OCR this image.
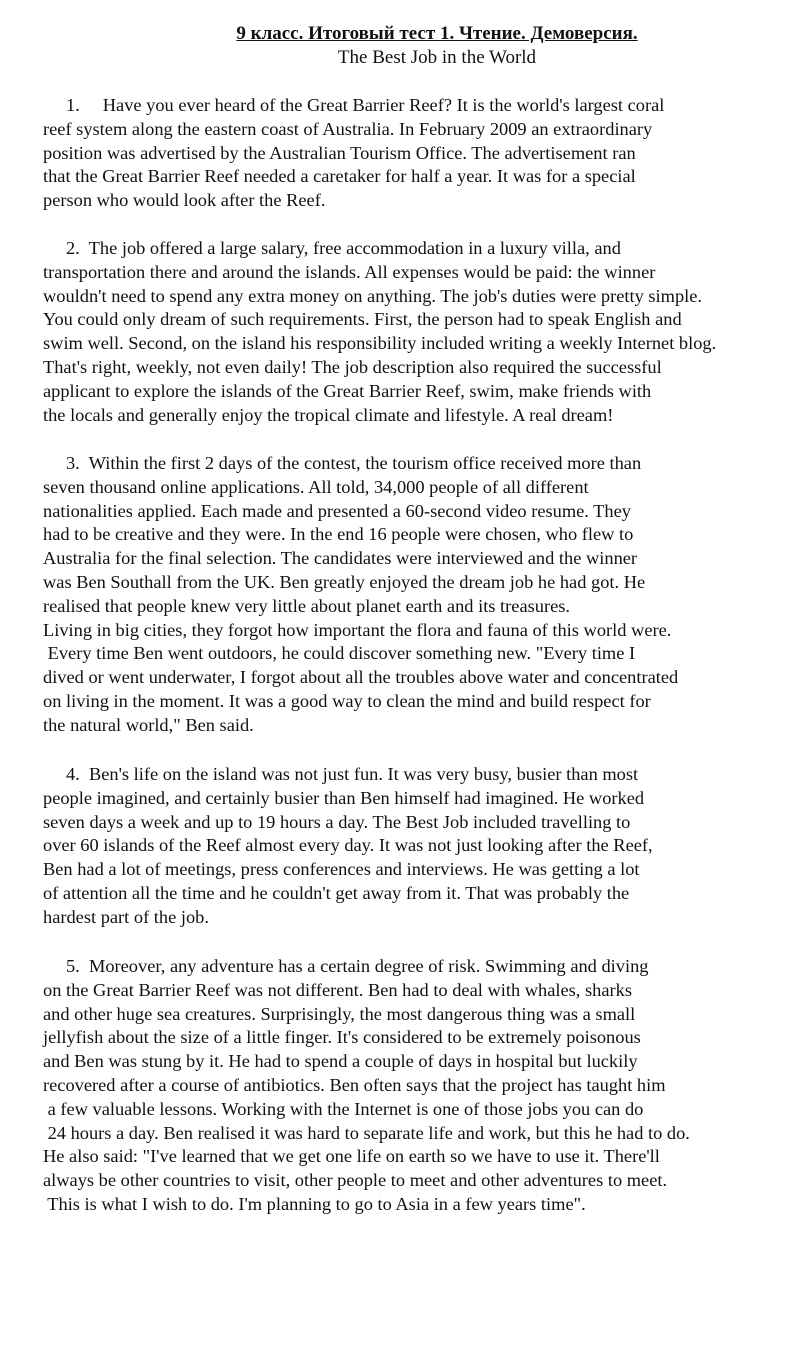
9 класс. Итоговый тест 1. Чтение. Демоверсия.
The Best Job in the World
1.     Have you ever heard of the Great Barrier Reef? It is the world's largest coral
reef system along the eastern coast of Australia. In February 2009 an extraordinary
position was advertised by the Australian Tourism Office. The advertisement ran
that the Great Barrier Reef needed a caretaker for half a year. It was for a special
person who would look after the Reef.
2.  The job offered a large salary, free accommodation in a luxury villa, and
transportation there and around the islands. All expenses would be paid: the winner
wouldn't need to spend any extra money on anything. The job's duties were pretty simple.
You could only dream of such requirements. First, the person had to speak English and
swim well. Second, on the island his responsibility included writing a weekly Internet blog.
That's right, weekly, not even daily! The job description also required the successful
applicant to explore the islands of the Great Barrier Reef, swim, make friends with
the locals and generally enjoy the tropical climate and lifestyle. A real dream!
3.  Within the first 2 days of the contest, the tourism office received more than
seven thousand online applications. All told, 34,000 people of all different
nationalities applied. Each made and presented a 60-second video resume. They
had to be creative and they were. In the end 16 people were chosen, who flew to
Australia for the final selection. The candidates were interviewed and the winner
was Ben Southall from the UK. Ben greatly enjoyed the dream job he had got. He
realised that people knew very little about planet earth and its treasures.
Living in big cities, they forgot how important the flora and fauna of this world were.
Every time Ben went outdoors, he could discover something new. "Every time I
dived or went underwater, I forgot about all the troubles above water and concentrated
on living in the moment. It was a good way to clean the mind and build respect for
the natural world," Ben said.
4.  Ben's life on the island was not just fun. It was very busy, busier than most
people imagined, and certainly busier than Ben himself had imagined. He worked
seven days a week and up to 19 hours a day. The Best Job included travelling to
over 60 islands of the Reef almost every day. It was not just looking after the Reef,
Ben had a lot of meetings, press conferences and interviews. He was getting a lot
of attention all the time and he couldn't get away from it. That was probably the
hardest part of the job.
5.  Moreover, any adventure has a certain degree of risk. Swimming and diving
on the Great Barrier Reef was not different. Ben had to deal with whales, sharks
and other huge sea creatures. Surprisingly, the most dangerous thing was a small
jellyfish about the size of a little finger. It's considered to be extremely poisonous
and Ben was stung by it. He had to spend a couple of days in hospital but luckily
recovered after a course of antibiotics. Ben often says that the project has taught him
a few valuable lessons. Working with the Internet is one of those jobs you can do
24 hours a day. Ben realised it was hard to separate life and work, but this he had to do.
He also said: "I've learned that we get one life on earth so we have to use it. There'll
always be other countries to visit, other people to meet and other adventures to meet.
This is what I wish to do. I'm planning to go to Asia in a few years time".
